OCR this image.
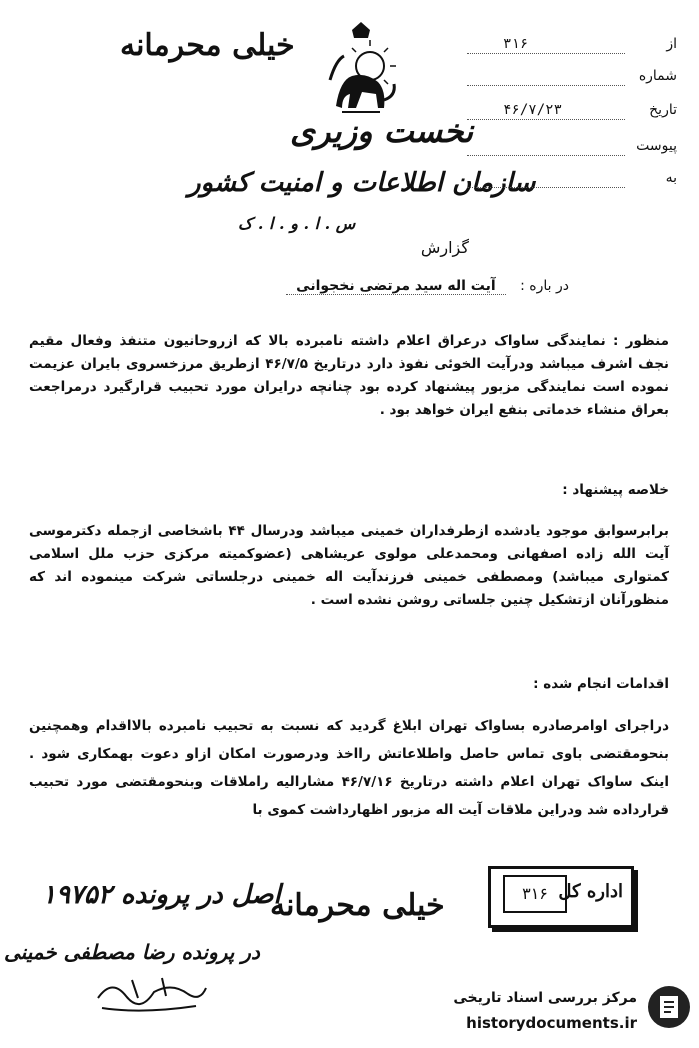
خیلی محرمانه
نخست وزیری
سازمان اطلاعات و امنیت کشور
س . ا . و . ا . ک
از
۳۱۶
شماره
تاریخ
۴۶/۷/۲۳
پیوست
به
گزارش
در باره : آیت اله سید مرتضی نخجوانی
منظور : نمایندگی ساواک درعراق اعلام داشته نامبرده بالا که ازروحانیون متنفذ وفعال مقیم نجف اشرف میباشد ودرآیت الخوئی نفوذ دارد درتاریخ ۴۶/۷/۵ ازطریق مرزخسروی بایران عزیمت نموده است نمایندگی مزبور پیشنهاد کرده بود چنانچه درایران مورد تحبیب قرارگیرد درمراجعت بعراق منشاء خدماتی بنفع ایران خواهد بود .
خلاصه پیشنهاد :
برابرسوابق موجود یادشده ازطرفداران خمینی میباشد ودرسال ۴۴ باشخاصی ازجمله دکترموسی آیت الله زاده اصفهانی ومحمدعلی مولوی عریشاهی (عضوکمیته مرکزی حزب ملل اسلامی کمتواری میباشد) ومصطفی خمینی فرزندآیت اله خمینی درجلساتی شرکت مینموده اند که منظورآنان ازتشکیل چنین جلساتی روشن نشده است .
اقدامات انجام شده :
دراجرای اوامرصادره بساواک تهران ابلاغ گردید که نسبت به تحبیب نامبرده بالااقدام وهمچنین بنحومقتضی باوی تماس حاصل واطلاعاتش رااخذ ودرصورت امکان ازاو دعوت بهمکاری شود . اینک ساواک تهران اعلام داشته درتاریخ ۴۶/۷/۱۶ مشارالیه راملاقات وبنحومقتضی مورد تحبیب قرارداده شد ودراین ملاقات آیت اله مزبور اظهارداشت کموی با
اصل در پرونده ۱۹۷۵۲
خیلی محرمانه	۳۱۶ اداره کل
در پرونده رضا مصطفی خمینی
مرکز بررسی اسناد تاریخی
historydocuments.ir
